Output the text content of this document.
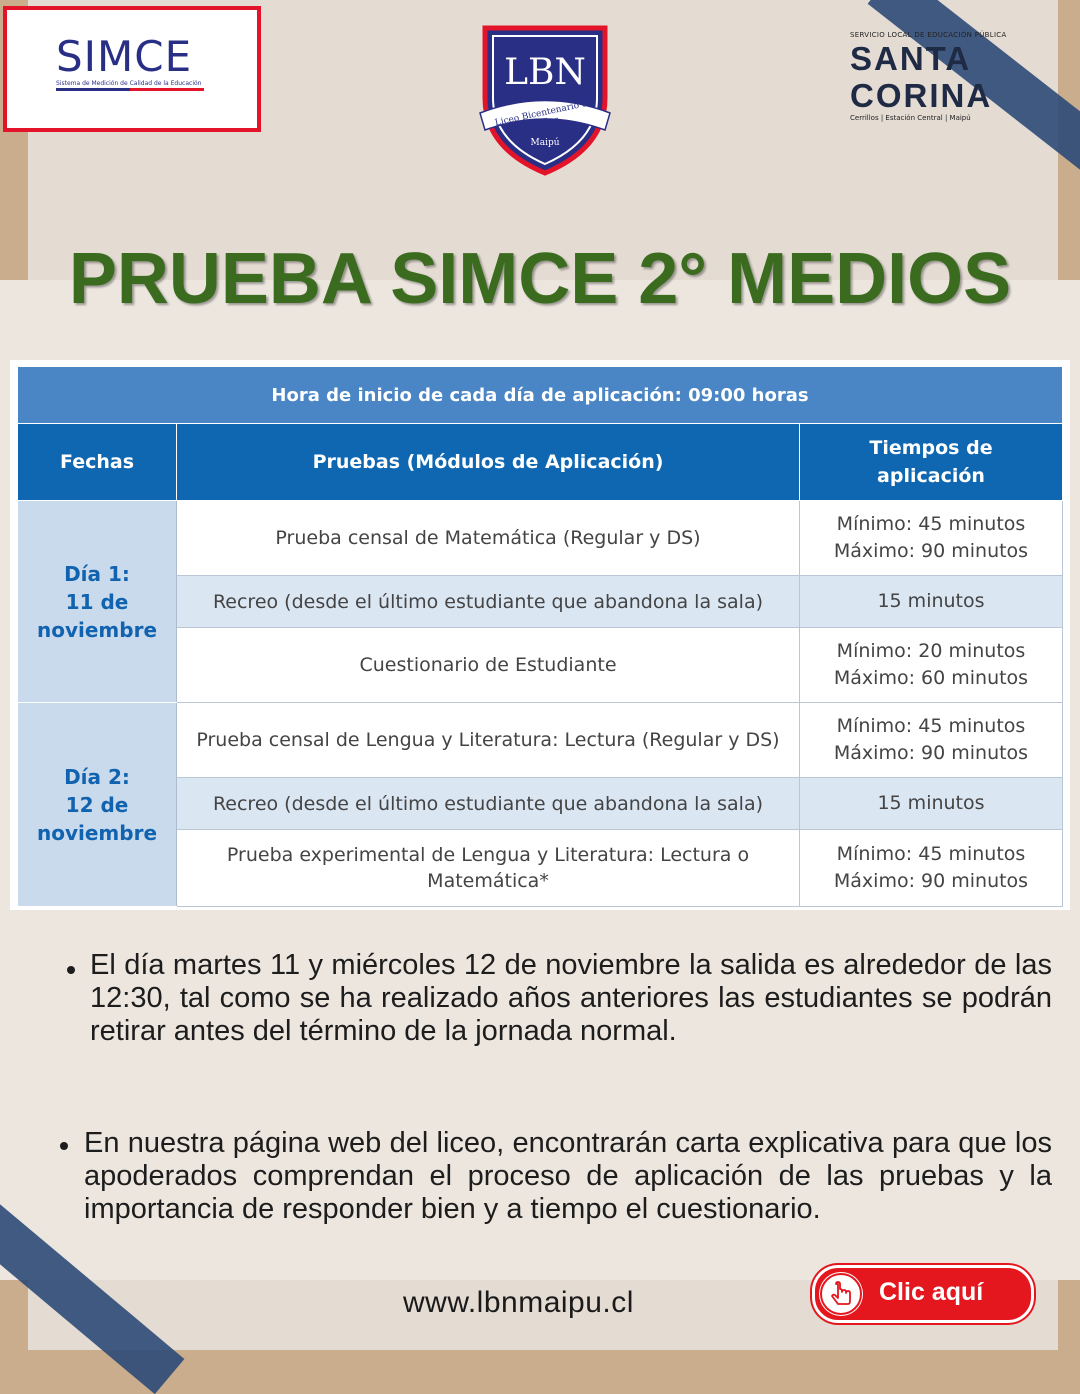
SIMCE
Sistema de Medición de Calidad de la Educación	LBN
Liceo Bicentenario de Niñas
Maipú
SERVICIO LOCAL DE EDUCACIÓN PÚBLICA
SANTA
CORINA
Cerrillos | Estación Central | Maipú
PRUEBA SIMCE 2° MEDIOS
Hora de inicio de cada día de aplicación: 09:00 horas		
Fechas	Pruebas (Módulos de Aplicación)	Tiempos de aplicación

Día 1:
11 de
noviembre	Prueba censal de Matemática (Regular y DS)	Mínimo: 45 minutos
Máximo: 90 minutos

	Recreo (desde el último estudiante que abandona la sala)	15 minutos

	Cuestionario de Estudiante	Mínimo: 20 minutos
Máximo: 60 minutos

Día 2:
12 de
noviembre	Prueba censal de Lengua y Literatura: Lectura (Regular y DS)	Mínimo: 45 minutos
Máximo: 90 minutos

	Recreo (desde el último estudiante que abandona la sala)	15 minutos

	Prueba experimental de Lengua y Literatura: Lectura o Matemática*	Mínimo: 45 minutos
Máximo: 90 minutos
El día martes 11 y miércoles 12 de noviembre la salida es alrededor de las 12:30, tal como se ha realizado años anteriores las estudiantes se podrán retirar antes del término de la jornada normal.
En nuestra página web del liceo, encontrarán carta explicativa para que los apoderados comprendan el proceso de aplicación de las pruebas y la importancia de responder bien y a tiempo el cuestionario.
www.lbnmaipu.cl	Clic aquí
